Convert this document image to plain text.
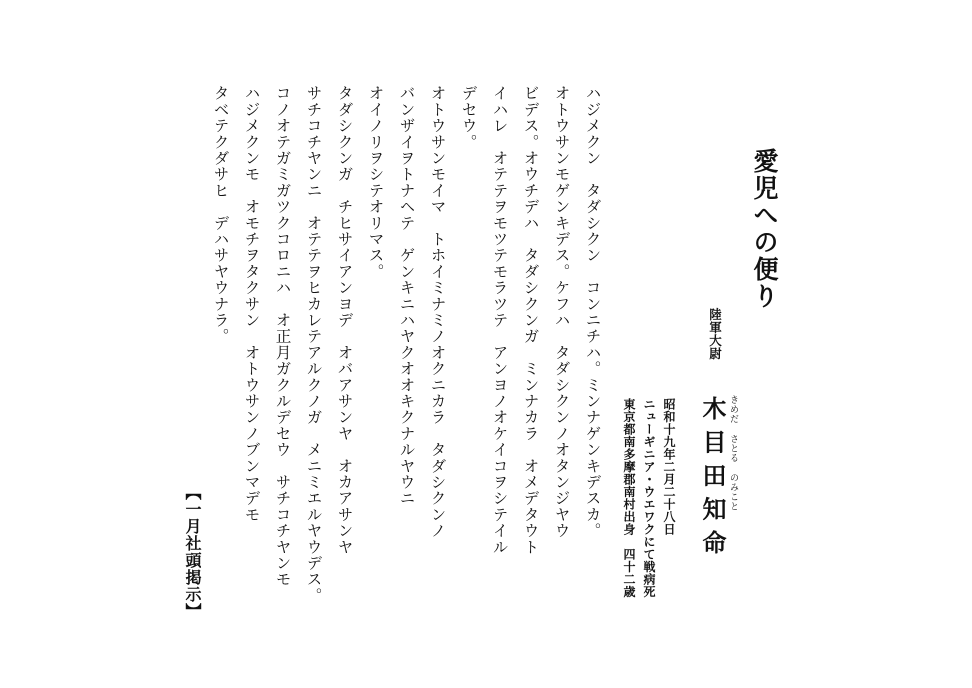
愛児への便り
陸軍大尉
きめだ さとる のみこと
木目田知命
昭和十九年二月二十八日
ニューギニア・ウエワクにて戦病死
東京都南多摩郡南村出身　四十二歳
ハジメクン　タダシクン　コンニチハ。ミンナゲンキデスカ。
オトウサンモゲンキデス。ケフハ　タダシクンノオタンジヤウ
ビデス。オウチデハ　タダシクンガ　ミンナカラ　オメデタウト
イハレ　オテテヲモツテモラツテ　アンヨノオケイコヲシテイル
デセウ。
オトウサンモイマ　トホイミナミノオクニカラ　タダシクンノ
バンザイヲトナヘテ　ゲンキニハヤクオオキクナルヤウニ
オイノリヲシテオリマス。
タダシクンガ　チヒサイアンヨデ　オバアサンヤ　オカアサンヤ
サチコチヤンニ　オテテヲヒカレテアルクノガ　メニミエルヤウデス。
コノオテガミガツクコロニハ　オ正月ガクルデセウ　サチコチヤンモ
ハジメクンモ　オモチヲタクサン　オトウサンノブンマデモ
タベテクダサヒ　デハサヤウナラ。
【一月社頭掲示】
